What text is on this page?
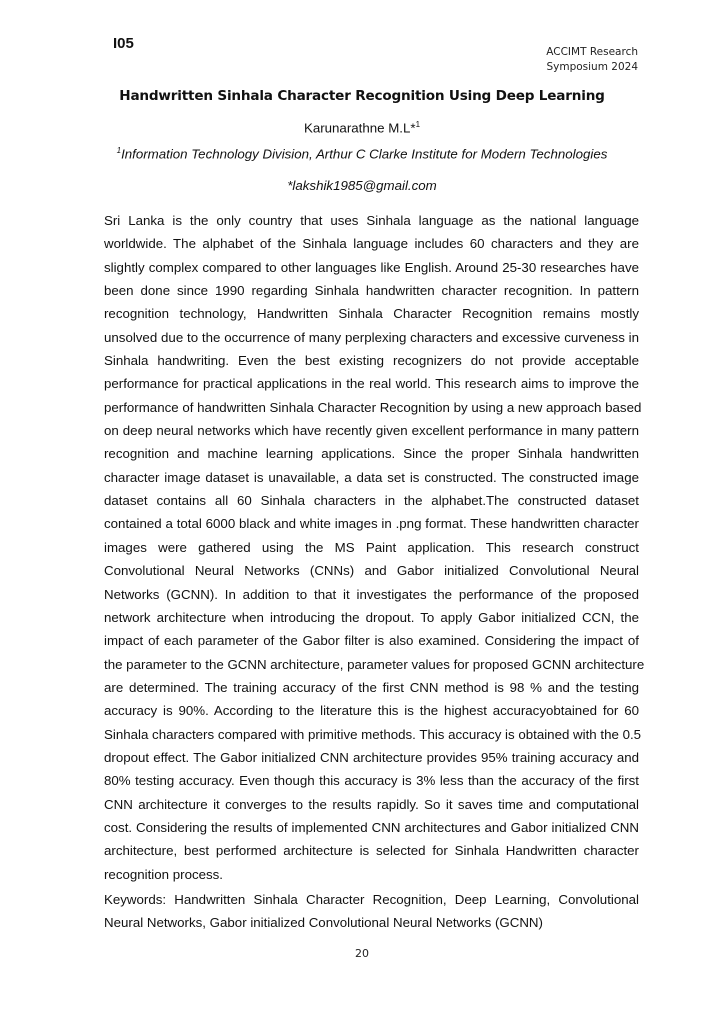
I05	ACCIMT Research
Symposium 2024
Handwritten Sinhala Character Recognition Using Deep Learning
Karunarathne M.L*$^1$
$^1$Information Technology Division, Arthur C Clarke Institute for Modern Technologies
*lakshik1985@gmail.com
Sri Lanka is the only country that uses Sinhala language as the national language
worldwide. The alphabet of the Sinhala language includes 60 characters and they are
slightly complex compared to other languages like English. Around 25-30 researches have
been done since 1990 regarding Sinhala handwritten character recognition. In pattern
recognition technology, Handwritten Sinhala Character Recognition remains mostly
unsolved due to the occurrence of many perplexing characters and excessive curveness in
Sinhala handwriting. Even the best existing recognizers do not provide acceptable
performance for practical applications in the real world. This research aims to improve the
performance of handwritten Sinhala Character Recognition by using a new approach based
on deep neural networks which have recently given excellent performance in many pattern
recognition and machine learning applications. Since the proper Sinhala handwritten
character image dataset is unavailable, a data set is constructed. The constructed image
dataset contains all 60 Sinhala characters in the alphabet.The constructed dataset
contained a total 6000 black and white images in .png format. These handwritten character
images were gathered using the MS Paint application. This research construct
Convolutional Neural Networks (CNNs) and Gabor initialized Convolutional Neural
Networks (GCNN). In addition to that it investigates the performance of the proposed
network architecture when introducing the dropout. To apply Gabor initialized CCN, the
impact of each parameter of the Gabor filter is also examined. Considering the impact of
the parameter to the GCNN architecture, parameter values for proposed GCNN architecture
are determined. The training accuracy of the first CNN method is 98 % and the testing
accuracy is 90%. According to the literature this is the highest accuracyobtained for 60
Sinhala characters compared with primitive methods. This accuracy is obtained with the 0.5
dropout effect. The Gabor initialized CNN architecture provides 95% training accuracy and
80% testing accuracy. Even though this accuracy is 3% less than the accuracy of the first
CNN architecture it converges to the results rapidly. So it saves time and computational
cost. Considering the results of implemented CNN architectures and Gabor initialized CNN
architecture, best performed architecture is selected for Sinhala Handwritten character
recognition process.
Keywords: Handwritten Sinhala Character Recognition, Deep Learning, Convolutional
Neural Networks, Gabor initialized Convolutional Neural Networks (GCNN)
20
